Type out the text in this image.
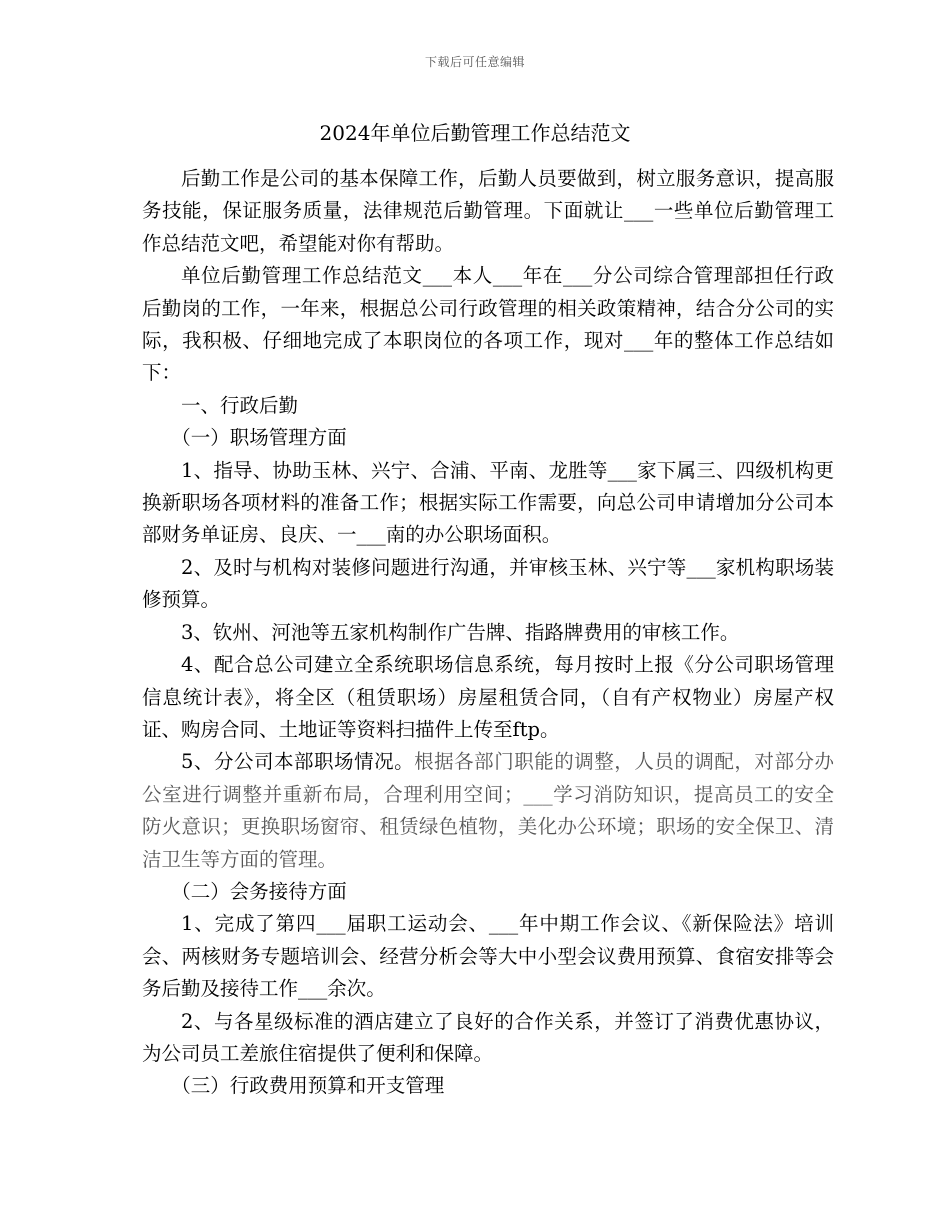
下载后可任意编辑
2024年单位后勤管理工作总结范文

后勤工作是公司的基本保障工作，后勤人员要做到，树立服务意识，提高服务技能，保证服务质量，法律规范后勤管理。下面就让___一些单位后勤管理工作总结范文吧，希望能对你有帮助。

单位后勤管理工作总结范文___本人___年在___分公司综合管理部担任行政后勤岗的工作，一年来，根据总公司行政管理的相关政策精神，结合分公司的实际，我积极、仔细地完成了本职岗位的各项工作，现对___年的整体工作总结如下：

一、行政后勤

（一）职场管理方面

1、指导、协助玉林、兴宁、合浦、平南、龙胜等___家下属三、四级机构更换新职场各项材料的准备工作；根据实际工作需要，向总公司申请增加分公司本部财务单证房、良庆、一___南的办公职场面积。

2、及时与机构对装修问题进行沟通，并审核玉林、兴宁等___家机构职场装修预算。

3、钦州、河池等五家机构制作广告牌、指路牌费用的审核工作。

4、配合总公司建立全系统职场信息系统，每月按时上报《分公司职场管理信息统计表》，将全区（租赁职场）房屋租赁合同，（自有产权物业）房屋产权证、购房合同、土地证等资料扫描件上传至ftp。

5、分公司本部职场情况。根据各部门职能的调整，人员的调配，对部分办公室进行调整并重新布局，合理利用空间；___学习消防知识，提高员工的安全防火意识；更换职场窗帘、租赁绿色植物，美化办公环境；职场的安全保卫、清洁卫生等方面的管理。

（二）会务接待方面

1、完成了第四___届职工运动会、___年中期工作会议、《新保险法》培训会、两核财务专题培训会、经营分析会等大中小型会议费用预算、食宿安排等会务后勤及接待工作___余次。

2、与各星级标准的酒店建立了良好的合作关系，并签订了消费优惠协议，为公司员工差旅住宿提供了便利和保障。

（三）行政费用预算和开支管理
